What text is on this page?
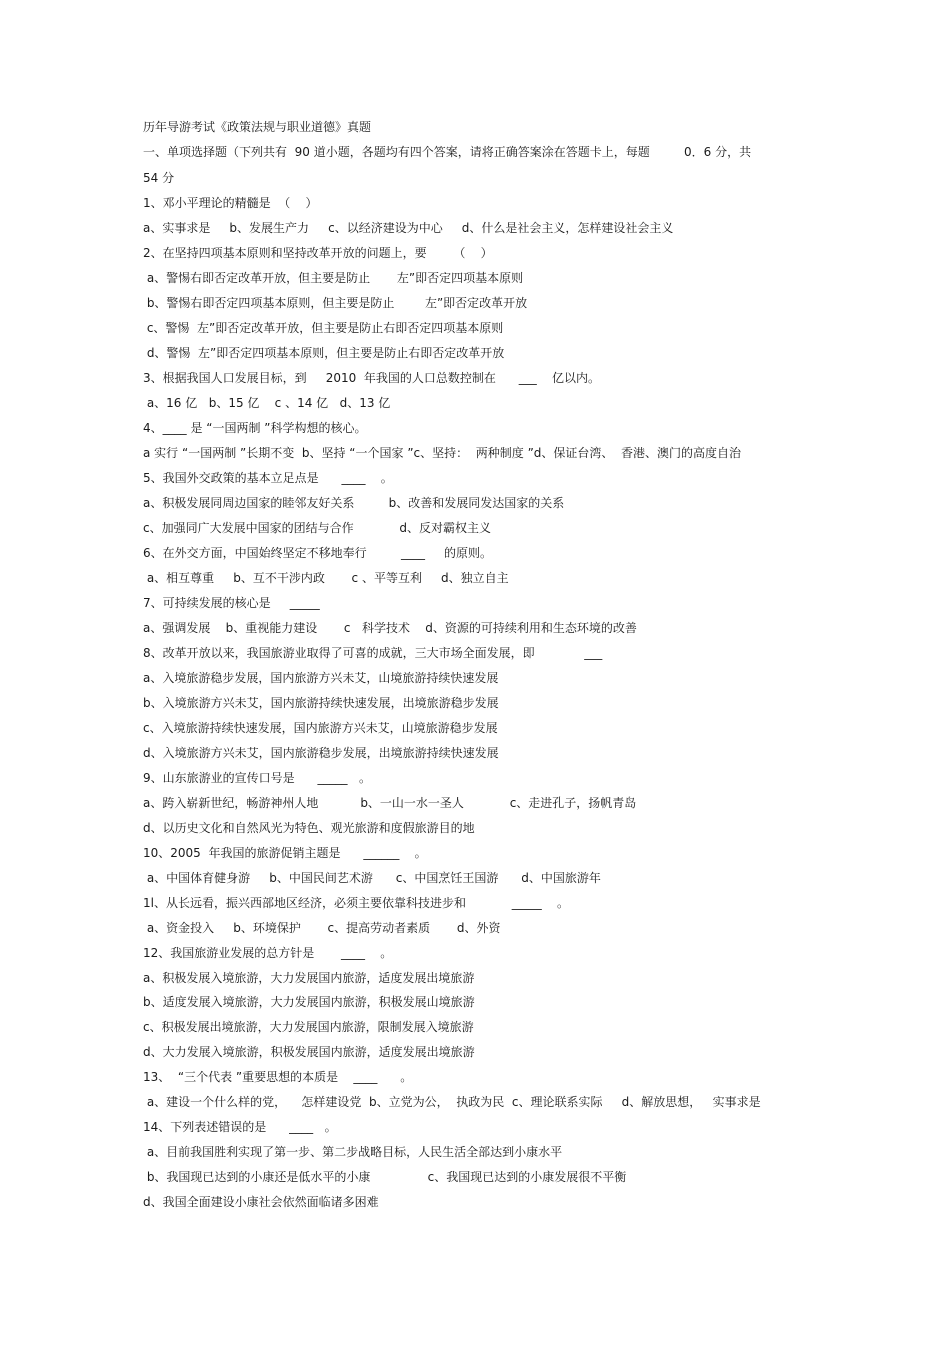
历年导游考试《政策法规与职业道德》真题
一、单项选择题（下列共有  90 道小题，各题均有四个答案，请将正确答案涂在答题卡上，每题         0．6 分，共
54 分
1、邓小平理论的精髓是  （    ）
a、实事求是     b、发展生产力     c、以经济建设为中心     d、什么是社会主义，怎样建设社会主义
2、在坚持四项基本原则和坚持改革开放的问题上，要       （    ）
a、警惕右即否定改革开放，但主要是防止       左”即否定四项基本原则
b、警惕右即否定四项基本原则，但主要是防止        左”即否定改革开放
c、警惕  左”即否定改革开放，但主要是防止右即否定四项基本原则
d、警惕  左”即否定四项基本原则，但主要是防止右即否定改革开放
3、根据我国人口发展目标，到     2010  年我国的人口总数控制在      ___    亿以内。
a、16 亿   b、15 亿    c 、14 亿   d、13 亿
4、____ 是 “一国两制 ”科学构想的核心。
a 实行 “一国两制 ”长期不变  b、坚持 “一个国家 ”c、坚持：  两种制度 ”d、保证台湾、  香港、澳门的高度自治
5、我国外交政策的基本立足点是      ____    。
a、积极发展同周边国家的睦邻友好关系         b、改善和发展同发达国家的关系
c、加强同广大发展中国家的团结与合作            d、反对霸权主义
6、在外交方面，中国始终坚定不移地奉行         ____     的原则。
a、相互尊重     b、互不干涉内政       c 、平等互利     d、独立自主
7、可持续发展的核心是     _____
a、强调发展    b、重视能力建设       c   科学技术    d、资源的可持续利用和生态环境的改善
8、改革开放以来，我国旅游业取得了可喜的成就，三大市场全面发展，即             ___
a、入境旅游稳步发展，国内旅游方兴未艾，山境旅游持续快速发展
b、入境旅游方兴未艾，国内旅游持续快速发展，出境旅游稳步发展
c、入境旅游持续快速发展，国内旅游方兴未艾，山境旅游稳步发展
d、入境旅游方兴未艾，国内旅游稳步发展，出境旅游持续快速发展
9、山东旅游业的宣传口号是      _____   。
a、跨入崭新世纪，畅游神州人地           b、一山一水一圣人            c、走进孔子，扬帆青岛
d、以历史文化和自然风光为特色、观光旅游和度假旅游目的地
10、2005  年我国的旅游促销主题是      ______    。
a、中国体育健身游     b、中国民间艺术游      c、中国烹饪王国游      d、中国旅游年
1l、从长远看，振兴西部地区经济，必须主要依靠科技进步和            _____    。
a、资金投入     b、环境保护       c、提高劳动者素质       d、外资
12、我国旅游业发展的总方针是       ____    。
a、积极发展入境旅游，大力发展国内旅游，适度发展出境旅游
b、适度发展入境旅游，大力发展国内旅游，积极发展山境旅游
c、积极发展出境旅游，大力发展国内旅游，限制发展入境旅游
d、大力发展入境旅游，积极发展国内旅游，适度发展出境旅游
13、  “三个代表 ”重要思想的本质是    ____      。
a、建设一个什么样的党，    怎样建设党  b、立党为公，  执政为民  c、理论联系实际     d、解放思想，   实事求是
14、下列表述错误的是      ____   。
a、目前我国胜利实现了第一步、第二步战略目标，人民生活全部达到小康水平
b、我国现已达到的小康还是低水平的小康               c、我国现已达到的小康发展很不平衡
d、我国全面建设小康社会依然面临诸多困难
